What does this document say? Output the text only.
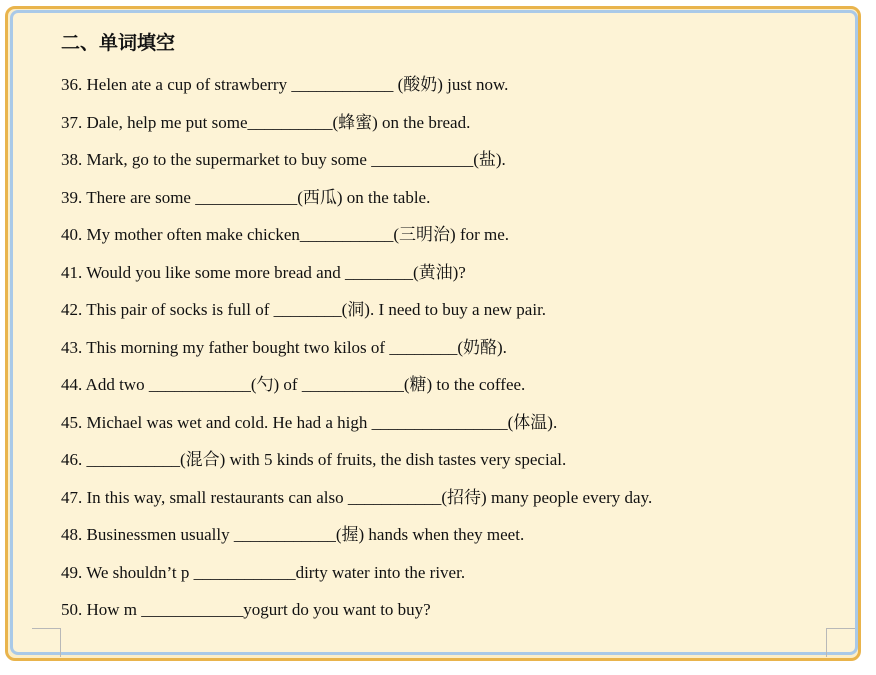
二、单词填空
36. Helen ate a cup of strawberry ____________ (酸奶) just now.
37. Dale, help me put some__________(蜂蜜) on the bread.
38. Mark, go to the supermarket to buy some ____________(盐).
39. There are some ____________(西瓜) on the table.
40. My mother often make chicken___________(三明治) for me.
41. Would you like some more bread and ________(黄油)?
42. This pair of socks is full of ________(洞). I need to buy a new pair.
43. This morning my father bought two kilos of ________(奶酪).
44. Add two ____________(勺) of ____________(糖) to the coffee.
45. Michael was wet and cold. He had a high ________________(体温).
46. ___________(混合) with 5 kinds of fruits, the dish tastes very special.
47. In this way, small restaurants can also ___________(招待) many people every day.
48. Businessmen usually ____________(握) hands when they meet.
49. We shouldn’t p ____________dirty water into the river.
50. How m ____________yogurt do you want to buy?
